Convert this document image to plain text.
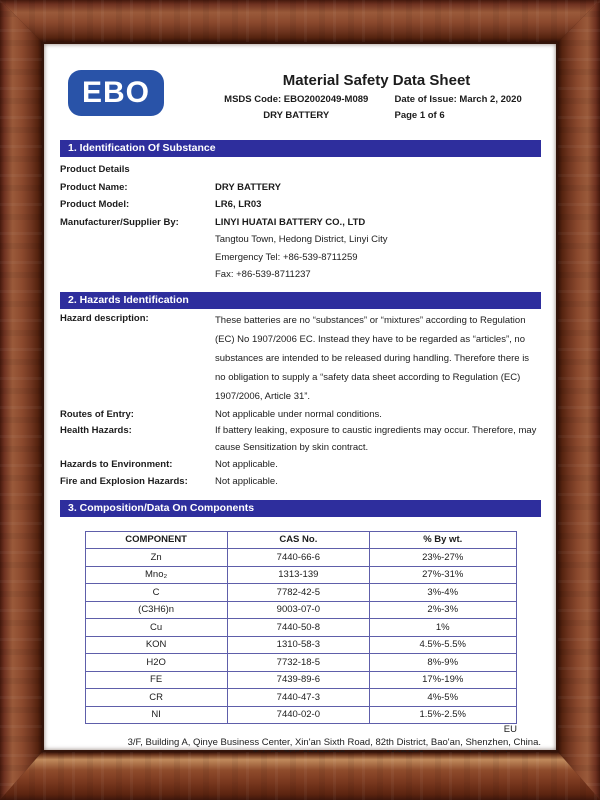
EBO	Material Safety Data Sheet
MSDS Code: EBO2002049-M089
DRY BATTERY
Date of Issue: March 2, 2020
Page 1 of 6
1. Identification Of Substance
Product Details
Product Name:	DRY BATTERY
Product Model:	LR6, LR03
Manufacturer/Supplier By:	LINYI HUATAI BATTERY CO., LTD
Tangtou Town, Hedong District, Linyi City
Emergency Tel: +86-539-8711259
Fax: +86-539-8711237
2. Hazards Identification
Hazard description:	These batteries are no “substances” or “mixtures” according to Regulation (EC) No 1907/2006 EC. Instead they have to be regarded as “articles”, no substances are intended to be released during handling. Therefore there is no obligation to supply a “safety data sheet according to Regulation (EC) 1907/2006, Article 31”.
Routes of Entry:	Not applicable under normal conditions.
Health Hazards:	If battery leaking, exposure to caustic ingredients may occur. Therefore, may cause Sensitization by skin contract.
Hazards to Environment:	Not applicable.
Fire and Explosion Hazards:	Not applicable.
3. Composition/Data On Components
COMPONENT	CAS No.	% By wt.
Zn	7440-66-6	23%-27%
Mno₂	1313-139	27%-31%
C	7782-42-5	3%-4%
(C3H6)n	9003-07-0	2%-3%
Cu	7440-50-8	1%
KON	1310-58-3	4.5%-5.5%
H2O	7732-18-5	8%-9%
FE	7439-89-6	17%-19%
CR	7440-47-3	4%-5%
NI	7440-02-0	1.5%-2.5%
EU
3/F, Building A, Qinye Business Center, Xin'an Sixth Road, 82th District, Bao'an, Shenzhen, China.
